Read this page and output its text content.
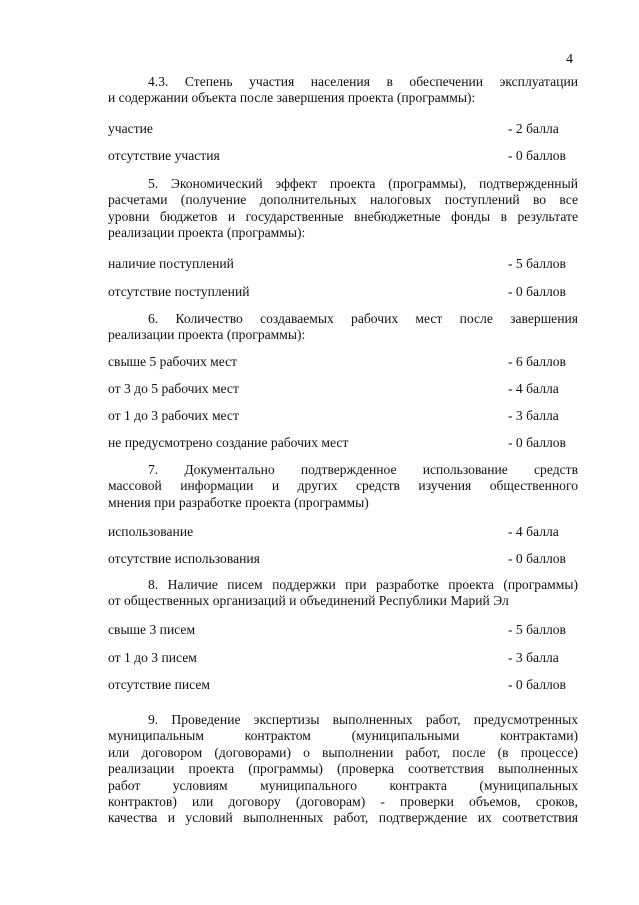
4
4.3. Степень участия населения в обеспечении эксплуатации
и содержании объекта после завершения проекта (программы):
участие	- 2 балла
отсутствие участия	- 0 баллов
5. Экономический эффект проекта (программы), подтвержденный
расчетами (получение дополнительных налоговых поступлений во все
уровни бюджетов и государственные внебюджетные фонды в результате
реализации проекта (программы):
наличие поступлений	- 5 баллов
отсутствие поступлений	- 0 баллов
6. Количество создаваемых рабочих мест после завершения
реализации проекта (программы):
свыше 5 рабочих мест	- 6 баллов
от 3 до 5 рабочих мест	- 4 балла
от 1 до 3 рабочих мест	- 3 балла
не предусмотрено создание рабочих мест	- 0 баллов
7. Документально подтвержденное использование средств
массовой информации и других средств изучения общественного
мнения при разработке проекта (программы)
использование	- 4 балла
отсутствие использования	- 0 баллов
8. Наличие писем поддержки при разработке проекта (программы)
от общественных организаций и объединений Республики Марий Эл
свыше 3 писем	- 5 баллов
от 1 до 3 писем	- 3 балла
отсутствие писем	- 0 баллов
9. Проведение экспертизы выполненных работ, предусмотренных
муниципальным контрактом (муниципальными контрактами)
или договором (договорами) о выполнении работ, после (в процессе)
реализации проекта (программы) (проверка соответствия выполненных
работ условиям муниципального контракта (муниципальных
контрактов) или договору (договорам) - проверки объемов, сроков,
качества и условий выполненных работ, подтверждение их соответствия
